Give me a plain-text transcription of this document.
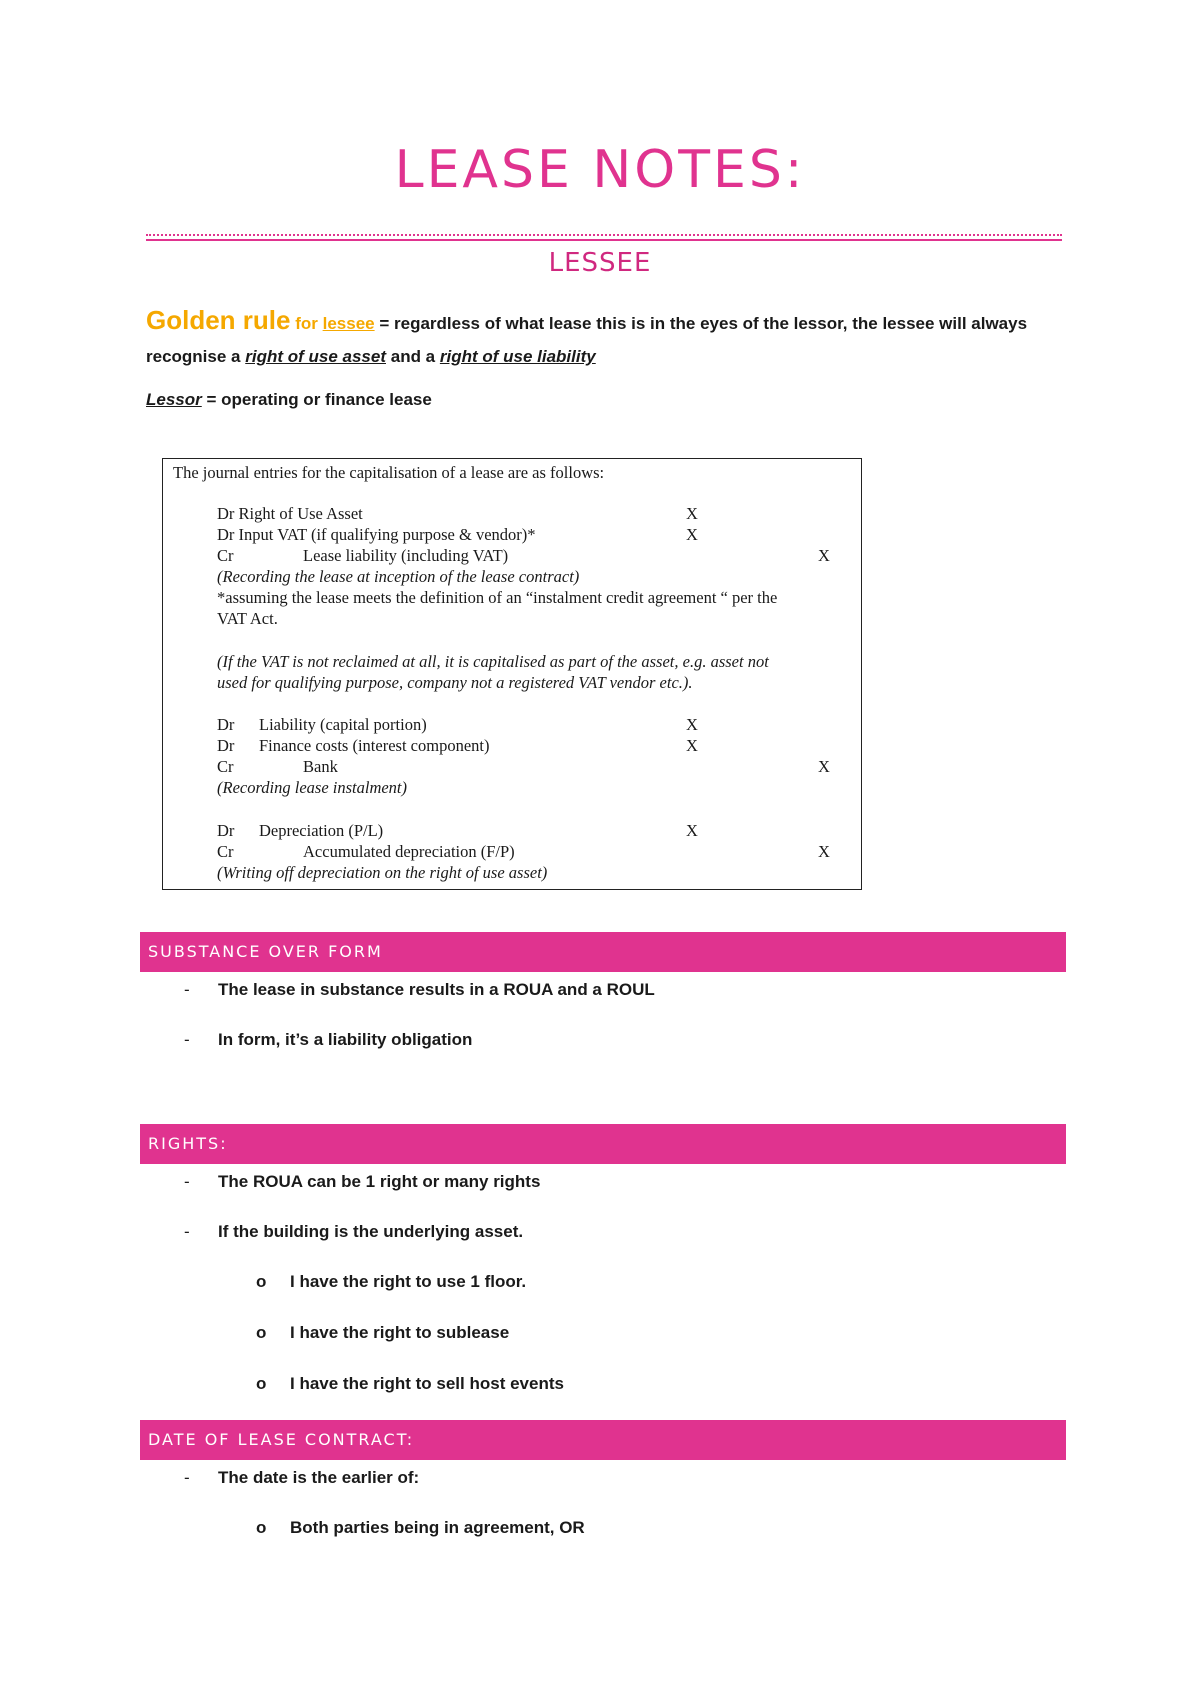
LEASE NOTES:
LESSEE
Golden rule for lessee = regardless of what lease this is in the eyes of the lessor, the lessee will always
recognise a right of use asset and a right of use liability
Lessor = operating or finance lease
The journal entries for the capitalisation of a lease are as follows:
Dr Right of Use Asset	X
Dr Input VAT (if qualifying purpose & vendor)*	X
Cr	Lease liability (including VAT)	X
(Recording the lease at inception of the lease contract)
*assuming the lease meets the definition of an “instalment credit agreement “ per the
VAT Act.
(If the VAT is not reclaimed at all, it is capitalised as part of the asset, e.g. asset not
used for qualifying purpose, company not a registered VAT vendor etc.).
Dr Liability (capital portion)	X
Dr Finance costs (interest component)	X
Cr	Bank	X
(Recording lease instalment)
Dr Depreciation (P/L)	X
Cr	Accumulated depreciation (F/P)	X
(Writing off depreciation on the right of use asset)
SUBSTANCE OVER FORM
- The lease in substance results in a ROUA and a ROUL
- In form, it’s a liability obligation
RIGHTS:
- The ROUA can be 1 right or many rights
- If the building is the underlying asset.
o I have the right to use 1 floor.
o I have the right to sublease
o I have the right to sell host events
DATE OF LEASE CONTRACT:
- The date is the earlier of:
o Both parties being in agreement, OR
